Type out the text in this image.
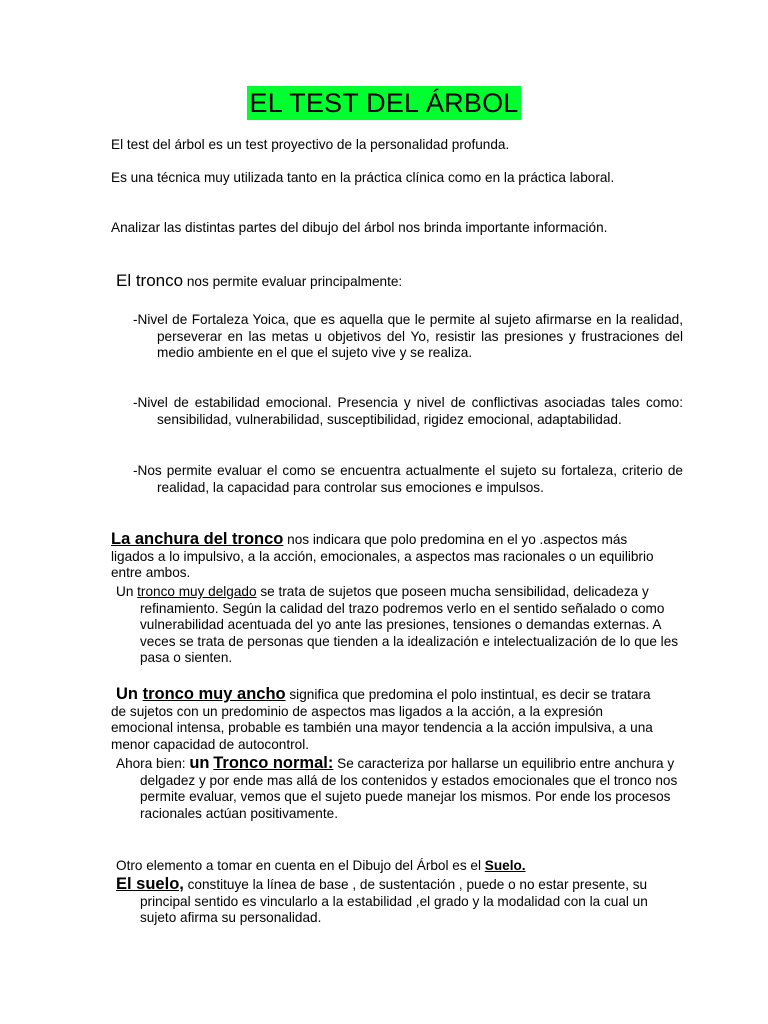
EL TEST DEL ÁRBOL

El test del árbol es un test proyectivo de la personalidad profunda.

Es una técnica muy utilizada tanto en la práctica clínica como en la práctica laboral.

Analizar las distintas partes del dibujo del árbol nos brinda importante información.

El tronco nos permite evaluar principalmente:

-Nivel de Fortaleza Yoica, que es aquella que le permite al sujeto afirmarse en la realidad, perseverar en las metas u objetivos del Yo, resistir las presiones y frustraciones del medio ambiente en el que el sujeto vive y se realiza.

-Nivel de estabilidad emocional. Presencia y nivel de conflictivas asociadas tales como: sensibilidad, vulnerabilidad, susceptibilidad, rigidez emocional, adaptabilidad.

-Nos permite evaluar el como se encuentra actualmente el sujeto su fortaleza, criterio de realidad, la capacidad para controlar sus emociones e impulsos.

La anchura del tronco nos indicara que polo predomina en el yo .aspectos más ligados a lo impulsivo, a la acción, emocionales, a aspectos mas racionales o un equilibrio entre ambos.

Un tronco muy delgado se trata de sujetos que poseen mucha sensibilidad, delicadeza y refinamiento. Según la calidad del trazo podremos verlo en el sentido señalado o como vulnerabilidad acentuada del yo ante las presiones, tensiones o demandas externas. A veces se trata de personas que tienden a la idealización e intelectualización de lo que les pasa o sienten.

Un tronco muy ancho significa que predomina el polo instintual, es decir se tratara de sujetos con un predominio de aspectos mas ligados a la acción, a la expresión emocional intensa, probable es también una mayor tendencia a la acción impulsiva, a una menor capacidad de autocontrol.

Ahora bien: un Tronco normal: Se caracteriza por hallarse un equilibrio entre anchura y delgadez y por ende mas allá de los contenidos y estados emocionales que el tronco nos permite evaluar, vemos que el sujeto puede manejar los mismos. Por ende los procesos racionales actúan positivamente.

Otro elemento a tomar en cuenta en el Dibujo del Árbol es el Suelo.

El suelo, constituye la línea de base , de sustentación , puede o no estar presente, su principal sentido es vincularlo a la estabilidad ,el grado y la modalidad con la cual un sujeto afirma su personalidad.
